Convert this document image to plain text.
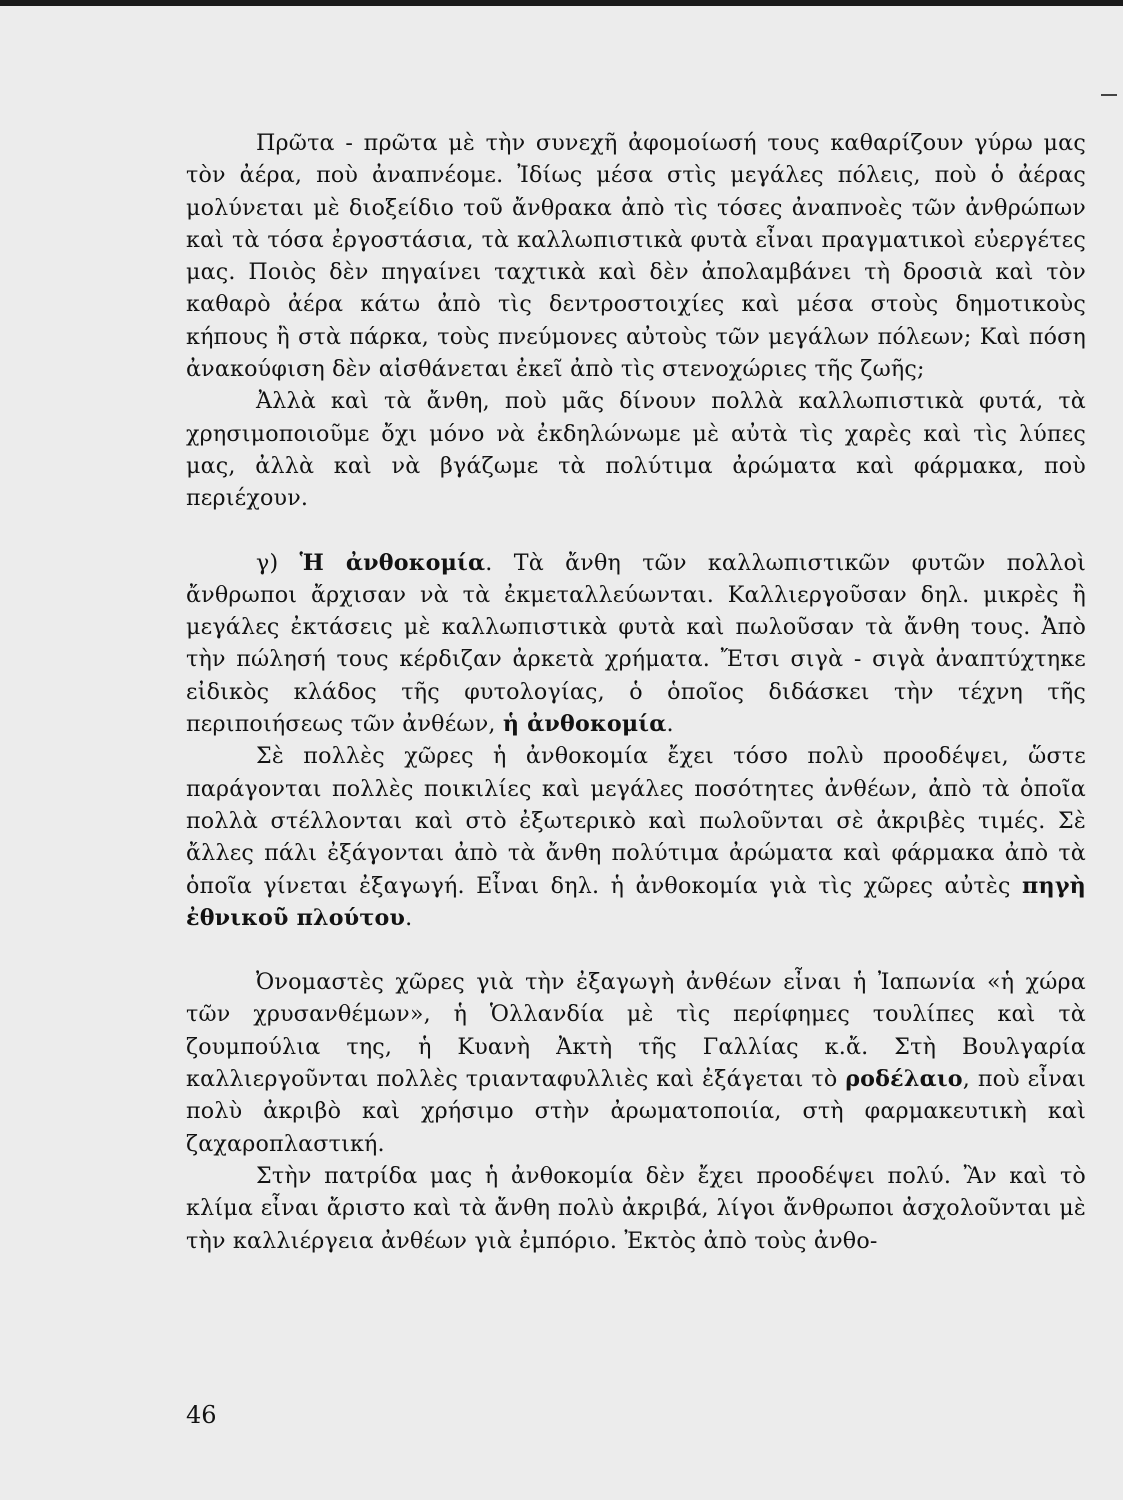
Πρῶτα - πρῶτα μὲ τὴν συνεχῆ ἀφομοίωσή τους καθαρίζουν γύρω μας τὸν ἀέρα, ποὺ ἀναπνέομε. Ἰδίως μέσα στὶς μεγάλες πόλεις, ποὺ ὁ ἀέρας μολύνεται μὲ διοξείδιο τοῦ ἄνθρακα ἀπὸ τὶς τόσες ἀναπνοὲς τῶν ἀνθρώπων καὶ τὰ τόσα ἐργοστάσια, τὰ καλλωπιστικὰ φυτὰ εἶναι πραγματικοὶ εὐεργέτες μας. Ποιὸς δὲν πηγαίνει ταχτικὰ καὶ δὲν ἀπολαμβάνει τὴ δροσιὰ καὶ τὸν καθαρὸ ἀέρα κάτω ἀπὸ τὶς δεντροστοιχίες καὶ μέσα στοὺς δημοτικοὺς κήπους ἢ στὰ πάρκα, τοὺς πνεύμονες αὐτοὺς τῶν μεγάλων πόλεων; Καὶ πόση ἀνακούφιση δὲν αἰσθάνεται ἐκεῖ ἀπὸ τὶς στενοχώριες τῆς ζωῆς;

Ἀλλὰ καὶ τὰ ἄνθη, ποὺ μᾶς δίνουν πολλὰ καλλωπιστικὰ φυτά, τὰ χρησιμοποιοῦμε ὄχι μόνο νὰ ἐκδηλώνωμε μὲ αὐτὰ τὶς χαρὲς καὶ τὶς λύπες μας, ἀλλὰ καὶ νὰ βγάζωμε τὰ πολύτιμα ἀρώματα καὶ φάρμακα, ποὺ περιέχουν.

γ) Ἡ ἀνθοκομία. Τὰ ἄνθη τῶν καλλωπιστικῶν φυτῶν πολλοὶ ἄνθρωποι ἄρχισαν νὰ τὰ ἐκμεταλλεύωνται. Καλλιεργοῦσαν δηλ. μικρὲς ἢ μεγάλες ἐκτάσεις μὲ καλλωπιστικὰ φυτὰ καὶ πωλοῦσαν τὰ ἄνθη τους. Ἀπὸ τὴν πώλησή τους κέρδιζαν ἀρκετὰ χρήματα. Ἔτσι σιγὰ - σιγὰ ἀναπτύχτηκε εἰδικὸς κλάδος τῆς φυτολογίας, ὁ ὁποῖος διδάσκει τὴν τέχνη τῆς περιποιήσεως τῶν ἀνθέων, ἡ ἀνθοκομία.

Σὲ πολλὲς χῶρες ἡ ἀνθοκομία ἔχει τόσο πολὺ προοδέψει, ὥστε παράγονται πολλὲς ποικιλίες καὶ μεγάλες ποσότητες ἀνθέων, ἀπὸ τὰ ὁποῖα πολλὰ στέλλονται καὶ στὸ ἐξωτερικὸ καὶ πωλοῦνται σὲ ἀκριβὲς τιμές. Σὲ ἄλλες πάλι ἐξάγονται ἀπὸ τὰ ἄνθη πολύτιμα ἀρώματα καὶ φάρμακα ἀπὸ τὰ ὁποῖα γίνεται ἐξαγωγή. Εἶναι δηλ. ἡ ἀνθοκομία γιὰ τὶς χῶρες αὐτὲς πηγὴ ἐθνικοῦ πλούτου.

Ὀνομαστὲς χῶρες γιὰ τὴν ἐξαγωγὴ ἀνθέων εἶναι ἡ Ἰαπωνία «ἡ χώρα τῶν χρυσανθέμων», ἡ Ὁλλανδία μὲ τὶς περίφημες τουλίπες καὶ τὰ ζουμπούλια της, ἡ Κυανὴ Ἀκτὴ τῆς Γαλλίας κ.ἄ. Στὴ Βουλγαρία καλλιεργοῦνται πολλὲς τριανταφυλλιὲς καὶ ἐξάγεται τὸ ροδέλαιο, ποὺ εἶναι πολὺ ἀκριβὸ καὶ χρήσιμο στὴν ἀρωματοποιία, στὴ φαρμακευτικὴ καὶ ζαχαροπλαστική.

Στὴν πατρίδα μας ἡ ἀνθοκομία δὲν ἔχει προοδέψει πολύ. Ἂν καὶ τὸ κλίμα εἶναι ἄριστο καὶ τὰ ἄνθη πολὺ ἀκριβά, λίγοι ἄνθρωποι ἀσχολοῦνται μὲ τὴν καλλιέργεια ἀνθέων γιὰ ἐμπόριο. Ἐκτὸς ἀπὸ τοὺς ἀνθο-

46
